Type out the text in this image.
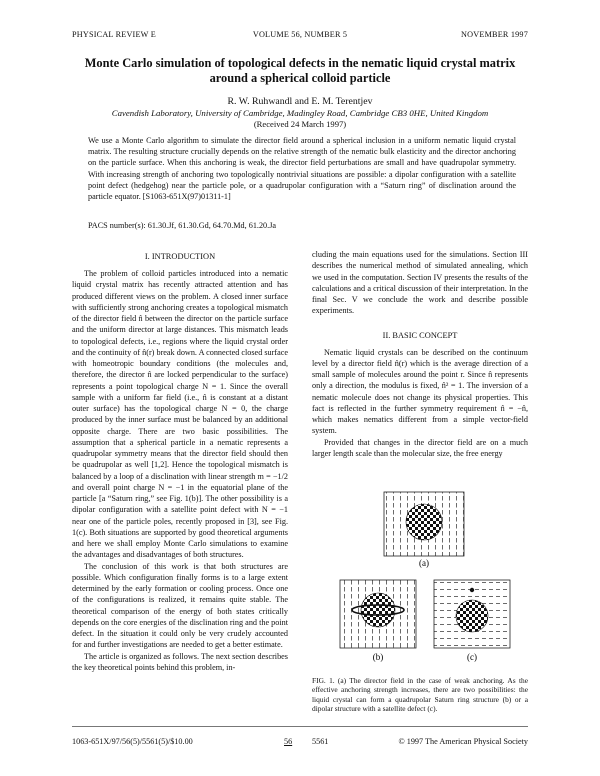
PHYSICAL REVIEW E	VOLUME 56, NUMBER 5	NOVEMBER 1997
Monte Carlo simulation of topological defects in the nematic liquid crystal matrix
around a spherical colloid particle
R. W. Ruhwandl and E. M. Terentjev
Cavendish Laboratory, University of Cambridge, Madingley Road, Cambridge CB3 0HE, United Kingdom
(Received 24 March 1997)
We use a Monte Carlo algorithm to simulate the director field around a spherical inclusion in a uniform nematic liquid crystal matrix. The resulting structure crucially depends on the relative strength of the nematic bulk elasticity and the director anchoring on the particle surface. When this anchoring is weak, the director field perturbations are small and have quadrupolar symmetry. With increasing strength of anchoring two topologically nontrivial situations are possible: a dipolar configuration with a satellite point defect (hedgehog) near the particle pole, or a quadrupolar configuration with a “Saturn ring” of disclination around the particle equator. [S1063-651X(97)01311-1]
PACS number(s): 61.30.Jf, 61.30.Gd, 64.70.Md, 61.20.Ja
I. INTRODUCTION

The problem of colloid particles introduced into a nematic liquid crystal matrix has recently attracted attention and has produced different views on the problem. A closed inner surface with sufficiently strong anchoring creates a topological mismatch of the director field n̂ between the director on the particle surface and the uniform director at large distances. This mismatch leads to topological defects, i.e., regions where the liquid crystal order and the continuity of n̂(r) break down. A connected closed surface with homeotropic boundary conditions (the molecules and, therefore, the director n̂ are locked perpendicular to the surface) represents a point topological charge N = 1. Since the overall sample with a uniform far field (i.e., n̂ is constant at a distant outer surface) has the topological charge N = 0, the charge produced by the inner surface must be balanced by an additional opposite charge. There are two basic possibilities. The assumption that a spherical particle in a nematic represents a quadrupolar symmetry means that the director field should then be quadrupolar as well [1,2]. Hence the topological mismatch is balanced by a loop of a disclination with linear strength m = −1/2 and overall point charge N = −1 in the equatorial plane of the particle [a “Saturn ring,” see Fig. 1(b)]. The other possibility is a dipolar configuration with a satellite point defect with N = −1 near one of the particle poles, recently proposed in [3], see Fig. 1(c). Both situations are supported by good theoretical arguments and here we shall employ Monte Carlo simulations to examine the advantages and disadvantages of both structures.

The conclusion of this work is that both structures are possible. Which configuration finally forms is to a large extent determined by the early formation or cooling process. Once one of the configurations is realized, it remains quite stable. The theoretical comparison of the energy of both states critically depends on the core energies of the disclination ring and the point defect. In the situation it could only be very crudely accounted for and further investigations are needed to get a better estimate.

The article is organized as follows. The next section describes the key theoretical points behind this problem, in-

cluding the main equations used for the simulations. Section III describes the numerical method of simulated annealing, which we used in the computation. Section IV presents the results of the calculations and a critical discussion of their interpretation. In the final Sec. V we conclude the work and describe possible experiments.
II. BASIC CONCEPT

Nematic liquid crystals can be described on the continuum level by a director field n̂(r) which is the average direction of a small sample of molecules around the point r. Since n̂ represents only a direction, the modulus is fixed, n̂² = 1. The inversion of a nematic molecule does not change its physical properties. This fact is reflected in the further symmetry requirement n̂ = −n̂, which makes nematics different from a simple vector-field system.

Provided that changes in the director field are on a much larger length scale than the molecular size, the free energy

(a)
(b)	(c)
FIG. 1. (a) The director field in the case of weak anchoring. As the effective anchoring strength increases, there are two possibilities: the liquid crystal can form a quadrupolar Saturn ring structure (b) or a dipolar structure with a satellite defect (c).
1063-651X/97/56(5)/5561(5)/$10.00	56 5561	© 1997 The American Physical Society
